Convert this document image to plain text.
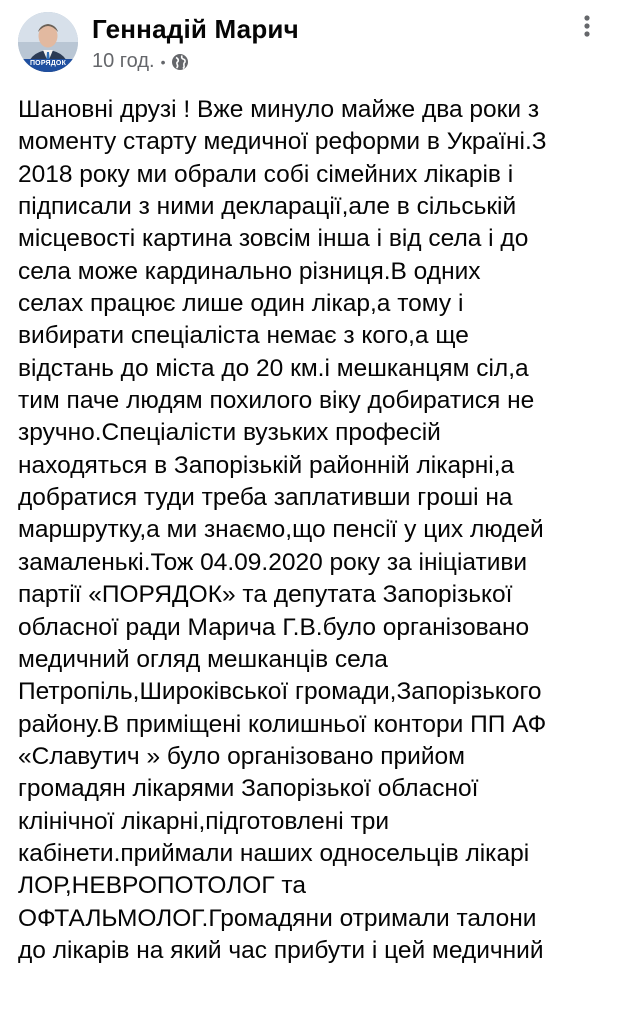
ПОРЯДОК
Геннадій Марич
10 год. •
Шановні друзі ! Вже минуло майже два роки з
моменту старту медичної реформи в Україні.З
2018 року ми обрали собі сімейних лікарів і
підписали з ними декларації,але в сільській
місцевості картина зовсім інша і від села і до
села може кардинально різниця.В одних
селах працює лише один лікар,а тому і
вибирати спеціаліста немає з кого,а ще
відстань до міста до 20 км.і мешканцям сіл,а
тим паче людям похилого віку добиратися не
зручно.Спеціалісти вузьких професій
находяться в Запорізькій районній лікарні,а
добратися туди треба заплативши гроші на
маршрутку,а ми знаємо,що пенсії у цих людей
замаленькі.Тож 04.09.2020 року за ініціативи
партії «ПОРЯДОК» та депутата Запорізької
обласної ради Марича Г.В.було організовано
медичний огляд мешканців села
Петропіль,Широківської громади,Запорізького
району.В приміщені колишньої контори ПП АФ
«Славутич » було організовано прийом
громадян лікарями Запорізької обласної
клінічної лікарні,підготовлені три
кабінети.приймали наших односельців лікарі
ЛОР,НЕВРОПОТОЛОГ та
ОФТАЛЬМОЛОГ.Громадяни отримали талони
до лікарів на який час прибути і цей медичний
